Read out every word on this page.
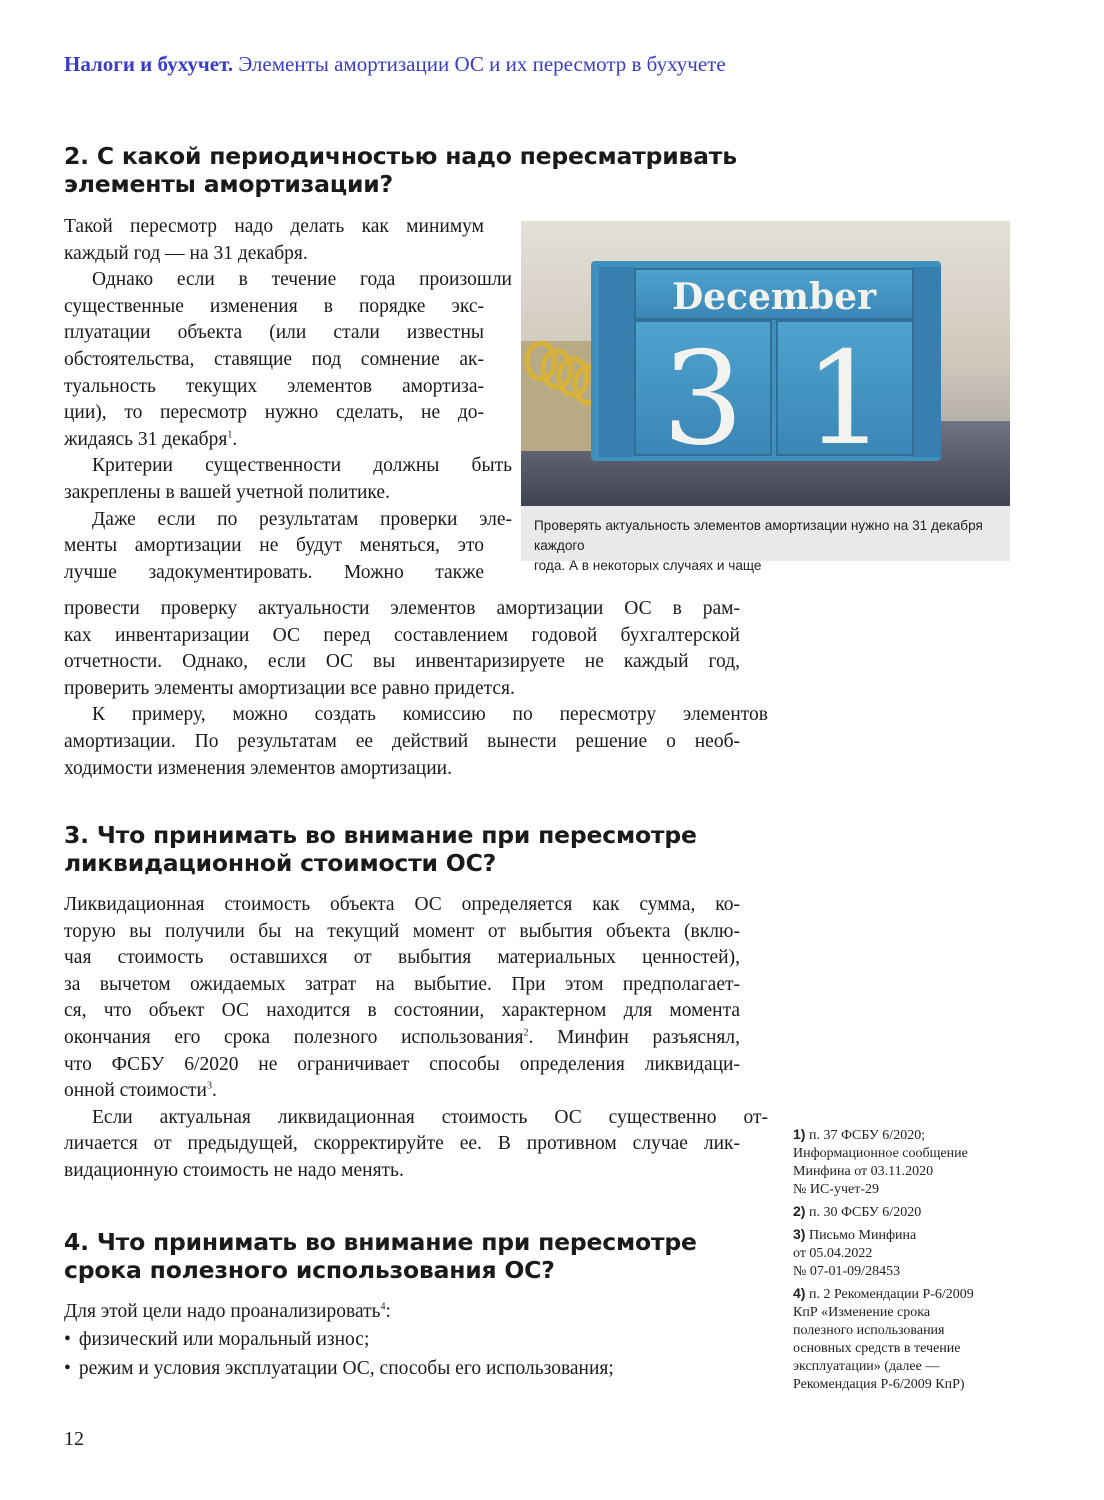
Налоги и бухучет. Элементы амортизации ОС и их пересмотр в бухучете
2. С какой периодичностью надо пересматривать
элементы амортизации?
Такой пересмотр надо делать как минимум
каждый год — на 31 декабря.
Однако если в течение года произошли
существенные изменения в порядке экс-
плуатации объекта (или стали известны
обстоятельства, ставящие под сомнение ак-
туальность текущих элементов амортиза-
ции), то пересмотр нужно сделать, не до-
жидаясь 31 декабря$^1$.
Критерии существенности должны быть
закреплены в вашей учетной политике.
Даже если по результатам проверки эле-
менты амортизации не будут меняться, это
лучше задокументировать. Можно также
провести проверку актуальности элементов амортизации ОС в рам-
ках инвентаризации ОС перед составлением годовой бухгалтерской
отчетности. Однако, если ОС вы инвентаризируете не каждый год,
проверить элементы амортизации все равно придется.
К примеру, можно создать комиссию по пересмотру элементов
амортизации. По результатам ее действий вынести решение о необ-
ходимости изменения элементов амортизации.
December
3 1
Проверять актуальность элементов амортизации нужно на 31 декабря каждого
года. А в некоторых случаях и чаще
3. Что принимать во внимание при пересмотре
ликвидационной стоимости ОС?
Ликвидационная стоимость объекта ОС определяется как сумма, ко-
торую вы получили бы на текущий момент от выбытия объекта (вклю-
чая стоимость оставшихся от выбытия материальных ценностей),
за вычетом ожидаемых затрат на выбытие. При этом предполагает-
ся, что объект ОС находится в состоянии, характерном для момента
окончания его срока полезного использования$^2$. Минфин разъяснял,
что ФСБУ 6/2020 не ограничивает способы определения ликвидаци-
онной стоимости$^3$.
Если актуальная ликвидационная стоимость ОС существенно от-
личается от предыдущей, скорректируйте ее. В противном случае лик-
видационную стоимость не надо менять.
4. Что принимать во внимание при пересмотре
срока полезного использования ОС?
Для этой цели надо проанализировать$^4$:
• физический или моральный износ;
• режим и условия эксплуатации ОС, способы его использования;
1) п. 37 ФСБУ 6/2020;
Информационное сообщение
Минфина от 03.11.2020
№ ИС-учет-29
2) п. 30 ФСБУ 6/2020
3) Письмо Минфина
от 05.04.2022
№ 07-01-09/28453
4) п. 2 Рекомендации Р-6/2009
КпР «Изменение срока
полезного использования
основных средств в течение
эксплуатации» (далее —
Рекомендация Р-6/2009 КпР)
12
